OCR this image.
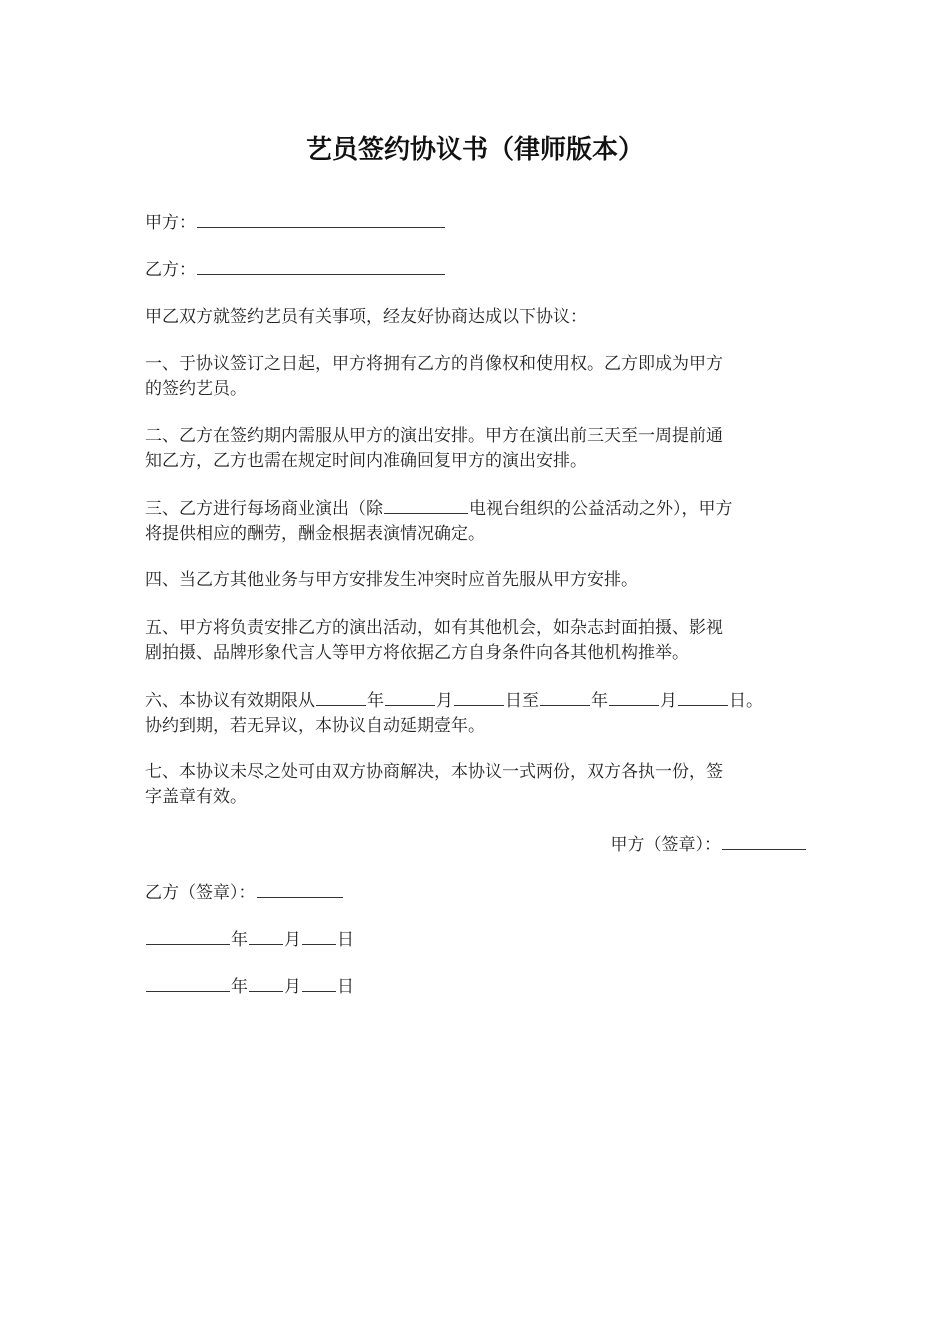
艺员签约协议书（律师版本）
甲方：
乙方：
甲乙双方就签约艺员有关事项，经友好协商达成以下协议：
一、于协议签订之日起，甲方将拥有乙方的肖像权和使用权。乙方即成为甲方
的签约艺员。
二、乙方在签约期内需服从甲方的演出安排。甲方在演出前三天至一周提前通
知乙方，乙方也需在规定时间内准确回复甲方的演出安排。
三、乙方进行每场商业演出（除	电视台组织的公益活动之外），甲方
将提供相应的酬劳，酬金根据表演情况确定。
四、当乙方其他业务与甲方安排发生冲突时应首先服从甲方安排。
五、甲方将负责安排乙方的演出活动，如有其他机会，如杂志封面拍摄、影视
剧拍摄、品牌形象代言人等甲方将依据乙方自身条件向各其他机构推举。
六、本协议有效期限从	年	月	日至	年	月	日。
协约到期，若无异议，本协议自动延期壹年。
七、本协议未尽之处可由双方协商解决，本协议一式两份，双方各执一份，签
字盖章有效。
甲方（签章）：
乙方（签章）：
年 月 日
年 月 日
